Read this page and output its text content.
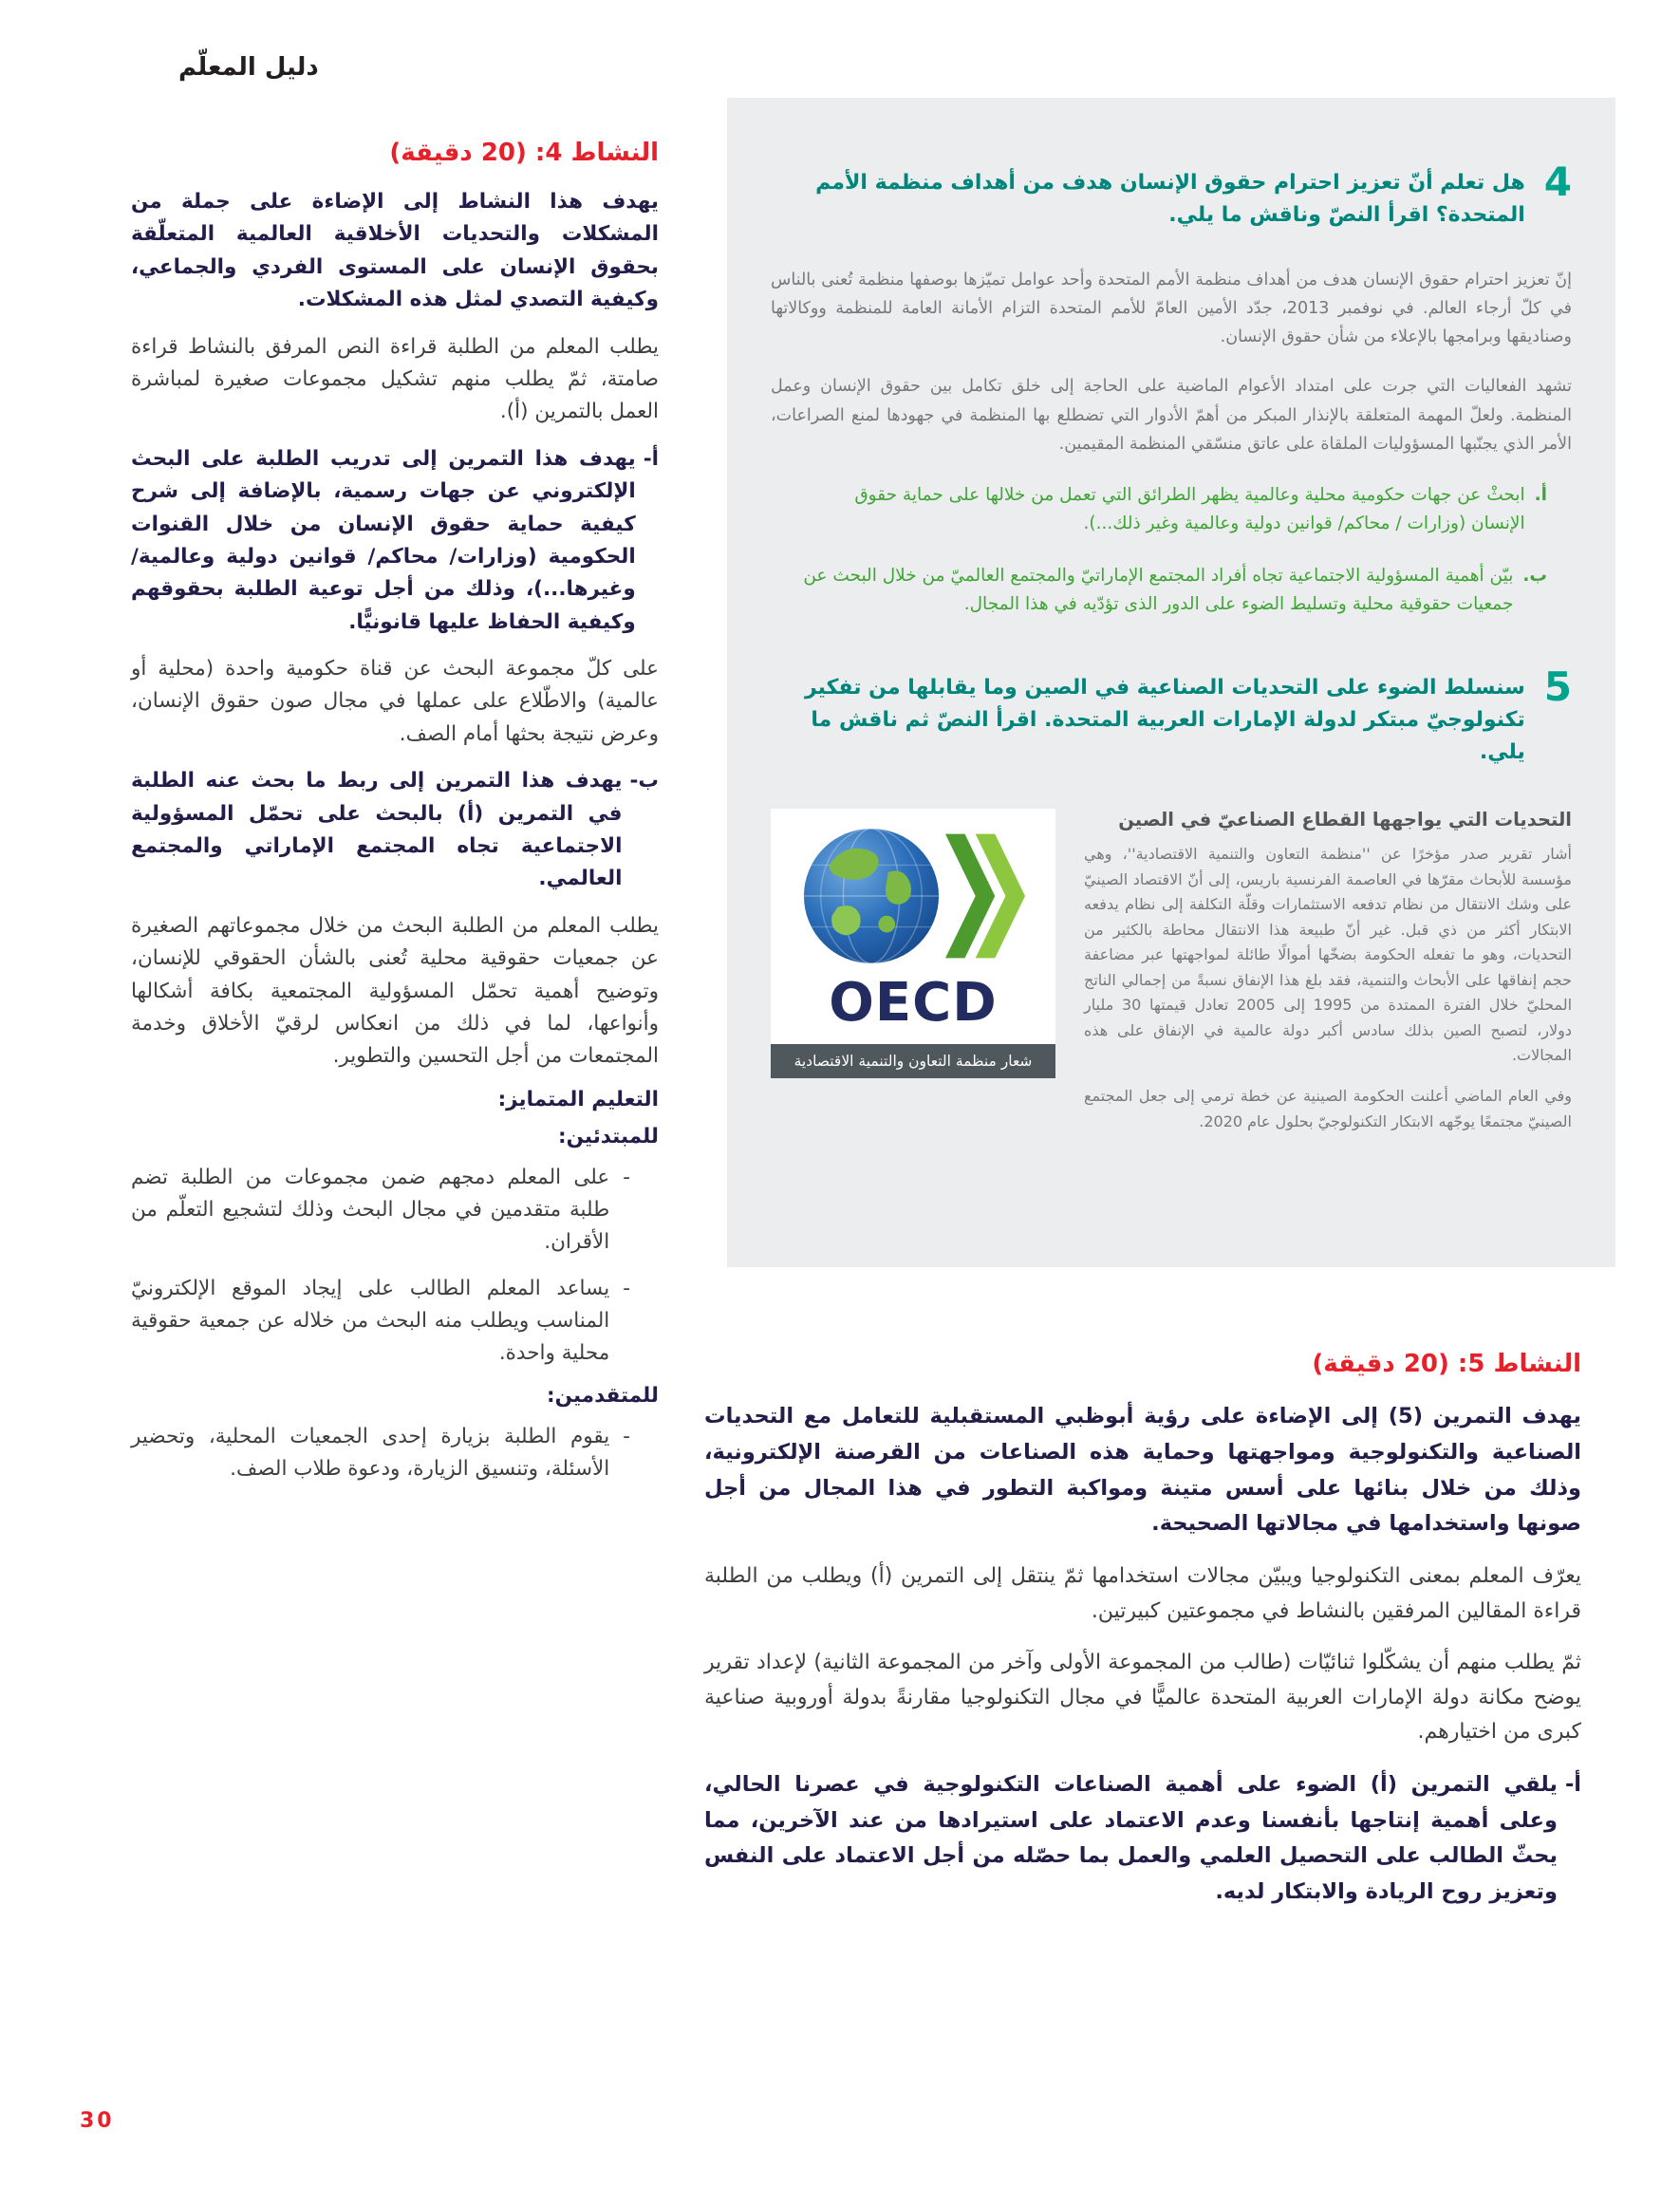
دليل المعلّم
النشاط 4: (20 دقيقة)
يهدف هذا النشاط إلى الإضاءة على جملة من المشكلات والتحديات الأخلاقية العالمية المتعلّقة بحقوق الإنسان على المستوى الفردي والجماعي، وكيفية التصدي لمثل هذه المشكلات.
يطلب المعلم من الطلبة قراءة النص المرفق بالنشاط قراءة صامتة، ثمّ يطلب منهم تشكيل مجموعات صغيرة لمباشرة العمل بالتمرين (أ).
أ-
يهدف هذا التمرين إلى تدريب الطلبة على البحث الإلكتروني عن جهات رسمية، بالإضافة إلى شرح كيفية حماية حقوق الإنسان من خلال القنوات الحكومية (وزارات/ محاكم/ قوانين دولية وعالمية/ وغيرها...)، وذلك من أجل توعية الطلبة بحقوقهم وكيفية الحفاظ عليها قانونيًّا.
على كلّ مجموعة البحث عن قناة حكومية واحدة (محلية أو عالمية) والاطّلاع على عملها في مجال صون حقوق الإنسان، وعرض نتيجة بحثها أمام الصف.
ب-
يهدف هذا التمرين إلى ربط ما بحث عنه الطلبة في التمرين (أ) بالبحث على تحمّل المسؤولية الاجتماعية تجاه المجتمع الإماراتي والمجتمع العالمي.
يطلب المعلم من الطلبة البحث من خلال مجموعاتهم الصغيرة عن جمعيات حقوقية محلية تُعنى بالشأن الحقوقي للإنسان، وتوضيح أهمية تحمّل المسؤولية المجتمعية بكافة أشكالها وأنواعها، لما في ذلك من انعكاس لرقيّ الأخلاق وخدمة المجتمعات من أجل التحسين والتطوير.
التعليم المتمايز:
للمبتدئين:
-
على المعلم دمجهم ضمن مجموعات من الطلبة تضم طلبة متقدمين في مجال البحث وذلك لتشجيع التعلّم من الأقران.
-
يساعد المعلم الطالب على إيجاد الموقع الإلكترونيّ المناسب ويطلب منه البحث من خلاله عن جمعية حقوقية محلية واحدة.
للمتقدمين:
-
يقوم الطلبة بزيارة إحدى الجمعيات المحلية، وتحضير الأسئلة، وتنسيق الزيارة، ودعوة طلاب الصف.
4
هل تعلم أنّ تعزيز احترام حقوق الإنسان هدف من أهداف منظمة الأمم المتحدة؟ اقرأ النصّ وناقش ما يلي.
إنّ تعزيز احترام حقوق الإنسان هدف من أهداف منظمة الأمم المتحدة وأحد عوامل تميّزها بوصفها منظمة تُعنى بالناس في كلّ أرجاء العالم. في نوفمبر 2013، جدّد الأمين العامّ للأمم المتحدة التزام الأمانة العامة للمنظمة ووكالاتها وصناديقها وبرامجها بالإعلاء من شأن حقوق الإنسان.
تشهد الفعاليات التي جرت على امتداد الأعوام الماضية على الحاجة إلى خلق تكامل بين حقوق الإنسان وعمل المنظمة. ولعلّ المهمة المتعلقة بالإنذار المبكر من أهمّ الأدوار التي تضطلع بها المنظمة في جهودها لمنع الصراعات، الأمر الذي يجنّبها المسؤوليات الملقاة على عاتق منسّقي المنظمة المقيمين.
أ.
ابحثْ عن جهات حكومية محلية وعالمية يظهر الطرائق التي تعمل من خلالها على حماية حقوق الإنسان (وزارات / محاكم/ قوانين دولية وعالمية وغير ذلك...).
ب.
بيّن أهمية المسؤولية الاجتماعية تجاه أفراد المجتمع الإماراتيّ والمجتمع العالميّ من خلال البحث عن جمعيات حقوقية محلية وتسليط الضوء على الدور الذى تؤدّيه في هذا المجال.
5
سنسلط الضوء على التحديات الصناعية في الصين وما يقابلها من تفكير تكنولوجيّ مبتكر لدولة الإمارات العربية المتحدة. اقرأ النصّ ثم ناقش ما يلي.
التحديات التي يواجهها القطاع الصناعيّ في الصين
أشار تقرير صدر مؤخرًا عن ''منظمة التعاون والتنمية الاقتصادية''، وهي مؤسسة للأبحاث مقرّها في العاصمة الفرنسية باريس، إلى أنّ الاقتصاد الصينيّ على وشك الانتقال من نظام تدفعه الاستثمارات وقلّة التكلفة إلى نظام يدفعه الابتكار أكثر من ذي قبل. غير أنّ طبيعة هذا الانتقال محاطة بالكثير من التحديات، وهو ما تفعله الحكومة بضخّها أموالًا طائلة لمواجهتها عبر مضاعفة حجم إنفاقها على الأبحاث والتنمية، فقد بلغ هذا الإنفاق نسبةً من إجمالي الناتج المحليّ خلال الفترة الممتدة من 1995 إلى 2005 تعادل قيمتها 30 مليار دولار، لتصبح الصين بذلك سادس أكبر دولة عالمية في الإنفاق على هذه المجالات.
وفي العام الماضي أعلنت الحكومة الصينية عن خطة ترمي إلى جعل المجتمع الصينيّ مجتمعًا يوجّهه الابتكار التكنولوجيّ بحلول عام 2020.
OECD
شعار منظمة التعاون والتنمية الاقتصادية
النشاط 5: (20 دقيقة)
يهدف التمرين (5) إلى الإضاءة على رؤية أبوظبي المستقبلية للتعامل مع التحديات الصناعية والتكنولوجية ومواجهتها وحماية هذه الصناعات من القرصنة الإلكترونية، وذلك من خلال بنائها على أسس متينة ومواكبة التطور في هذا المجال من أجل صونها واستخدامها في مجالاتها الصحيحة.
يعرّف المعلم بمعنى التكنولوجيا ويبيّن مجالات استخدامها ثمّ ينتقل إلى التمرين (أ) ويطلب من الطلبة قراءة المقالين المرفقين بالنشاط في مجموعتين كبيرتين.
ثمّ يطلب منهم أن يشكّلوا ثنائيّات (طالب من المجموعة الأولى وآخر من المجموعة الثانية) لإعداد تقرير يوضح مكانة دولة الإمارات العربية المتحدة عالميًّا في مجال التكنولوجيا مقارنةً بدولة أوروبية صناعية كبرى من اختيارهم.
أ-
يلقي التمرين (أ) الضوء على أهمية الصناعات التكنولوجية في عصرنا الحالي، وعلى أهمية إنتاجها بأنفسنا وعدم الاعتماد على استيرادها من عند الآخرين، مما يحثّ الطالب على التحصيل العلمي والعمل بما حصّله من أجل الاعتماد على النفس وتعزيز روح الريادة والابتكار لديه.
30
